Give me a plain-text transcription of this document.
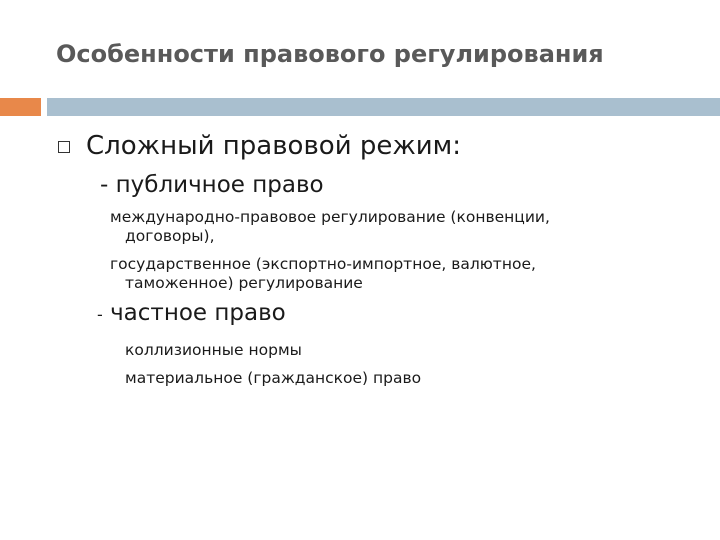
Особенности правового регулирования
Сложный правовой режим:
- публичное право
международно-правовое регулирование (конвенции,
договоры),
государственное (экспортно-импортное, валютное,
таможенное) регулирование
- частное право
коллизионные нормы
материальное (гражданское) право
